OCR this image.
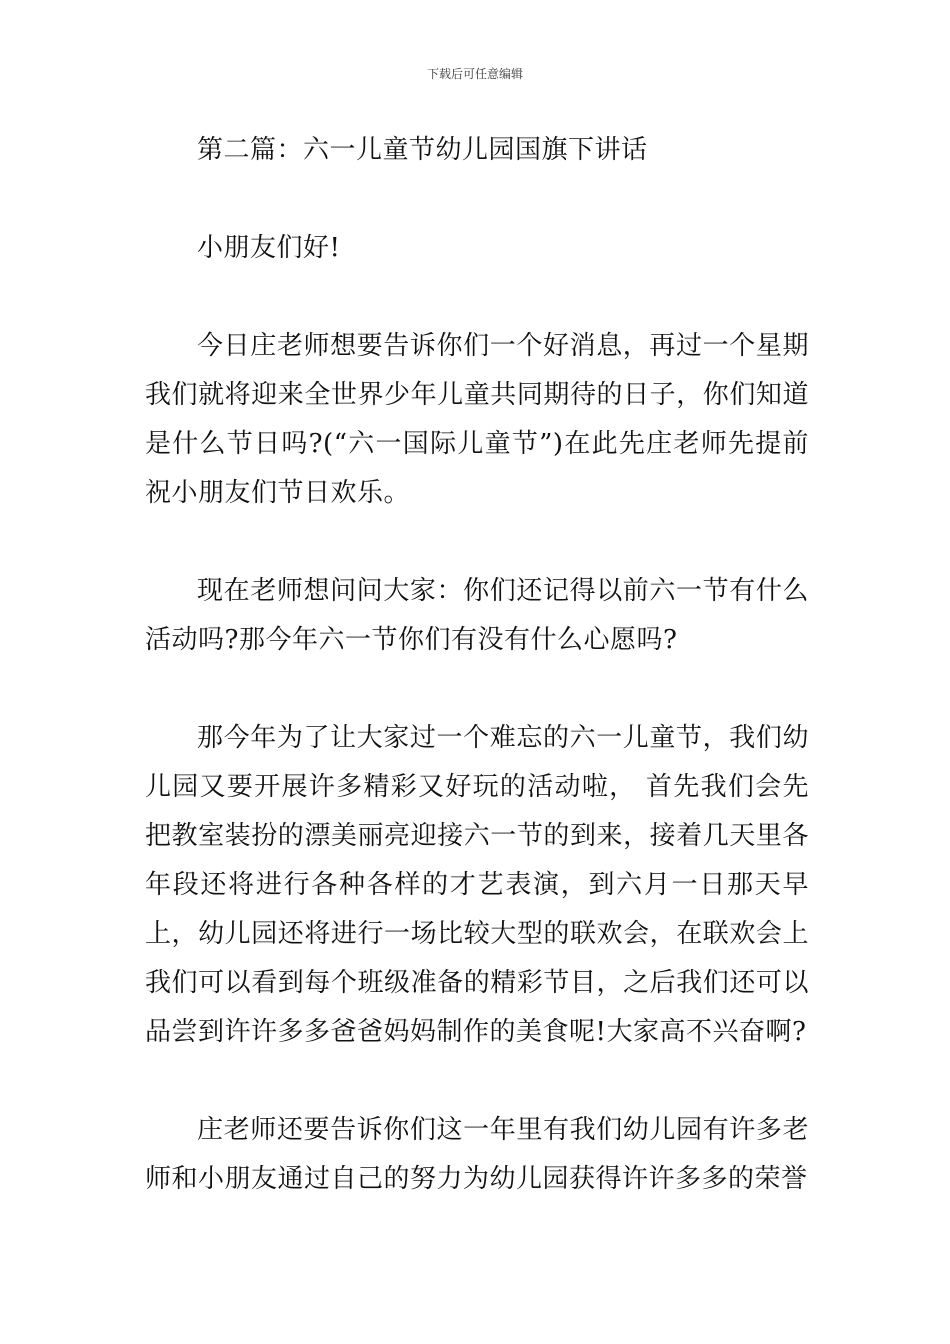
下载后可任意编辑

第二篇：六一儿童节幼儿园国旗下讲话

小朋友们好!

今日庄老师想要告诉你们一个好消息，再过一个星期我们就将迎来全世界少年儿童共同期待的日子，你们知道是什么节日吗?(“六一国际儿童节”)在此先庄老师先提前祝小朋友们节日欢乐。

现在老师想问问大家：你们还记得以前六一节有什么活动吗?那今年六一节你们有没有什么心愿吗?

那今年为了让大家过一个难忘的六一儿童节，我们幼儿园又要开展许多精彩又好玩的活动啦， 首先我们会先把教室装扮的漂美丽亮迎接六一节的到来，接着几天里各年段还将进行各种各样的才艺表演，到六月一日那天早上，幼儿园还将进行一场比较大型的联欢会，在联欢会上我们可以看到每个班级准备的精彩节目，之后我们还可以品尝到许许多多爸爸妈妈制作的美食呢!大家高不兴奋啊?

庄老师还要告诉你们这一年里有我们幼儿园有许多老师和小朋友通过自己的努力为幼儿园获得许许多多的荣誉
